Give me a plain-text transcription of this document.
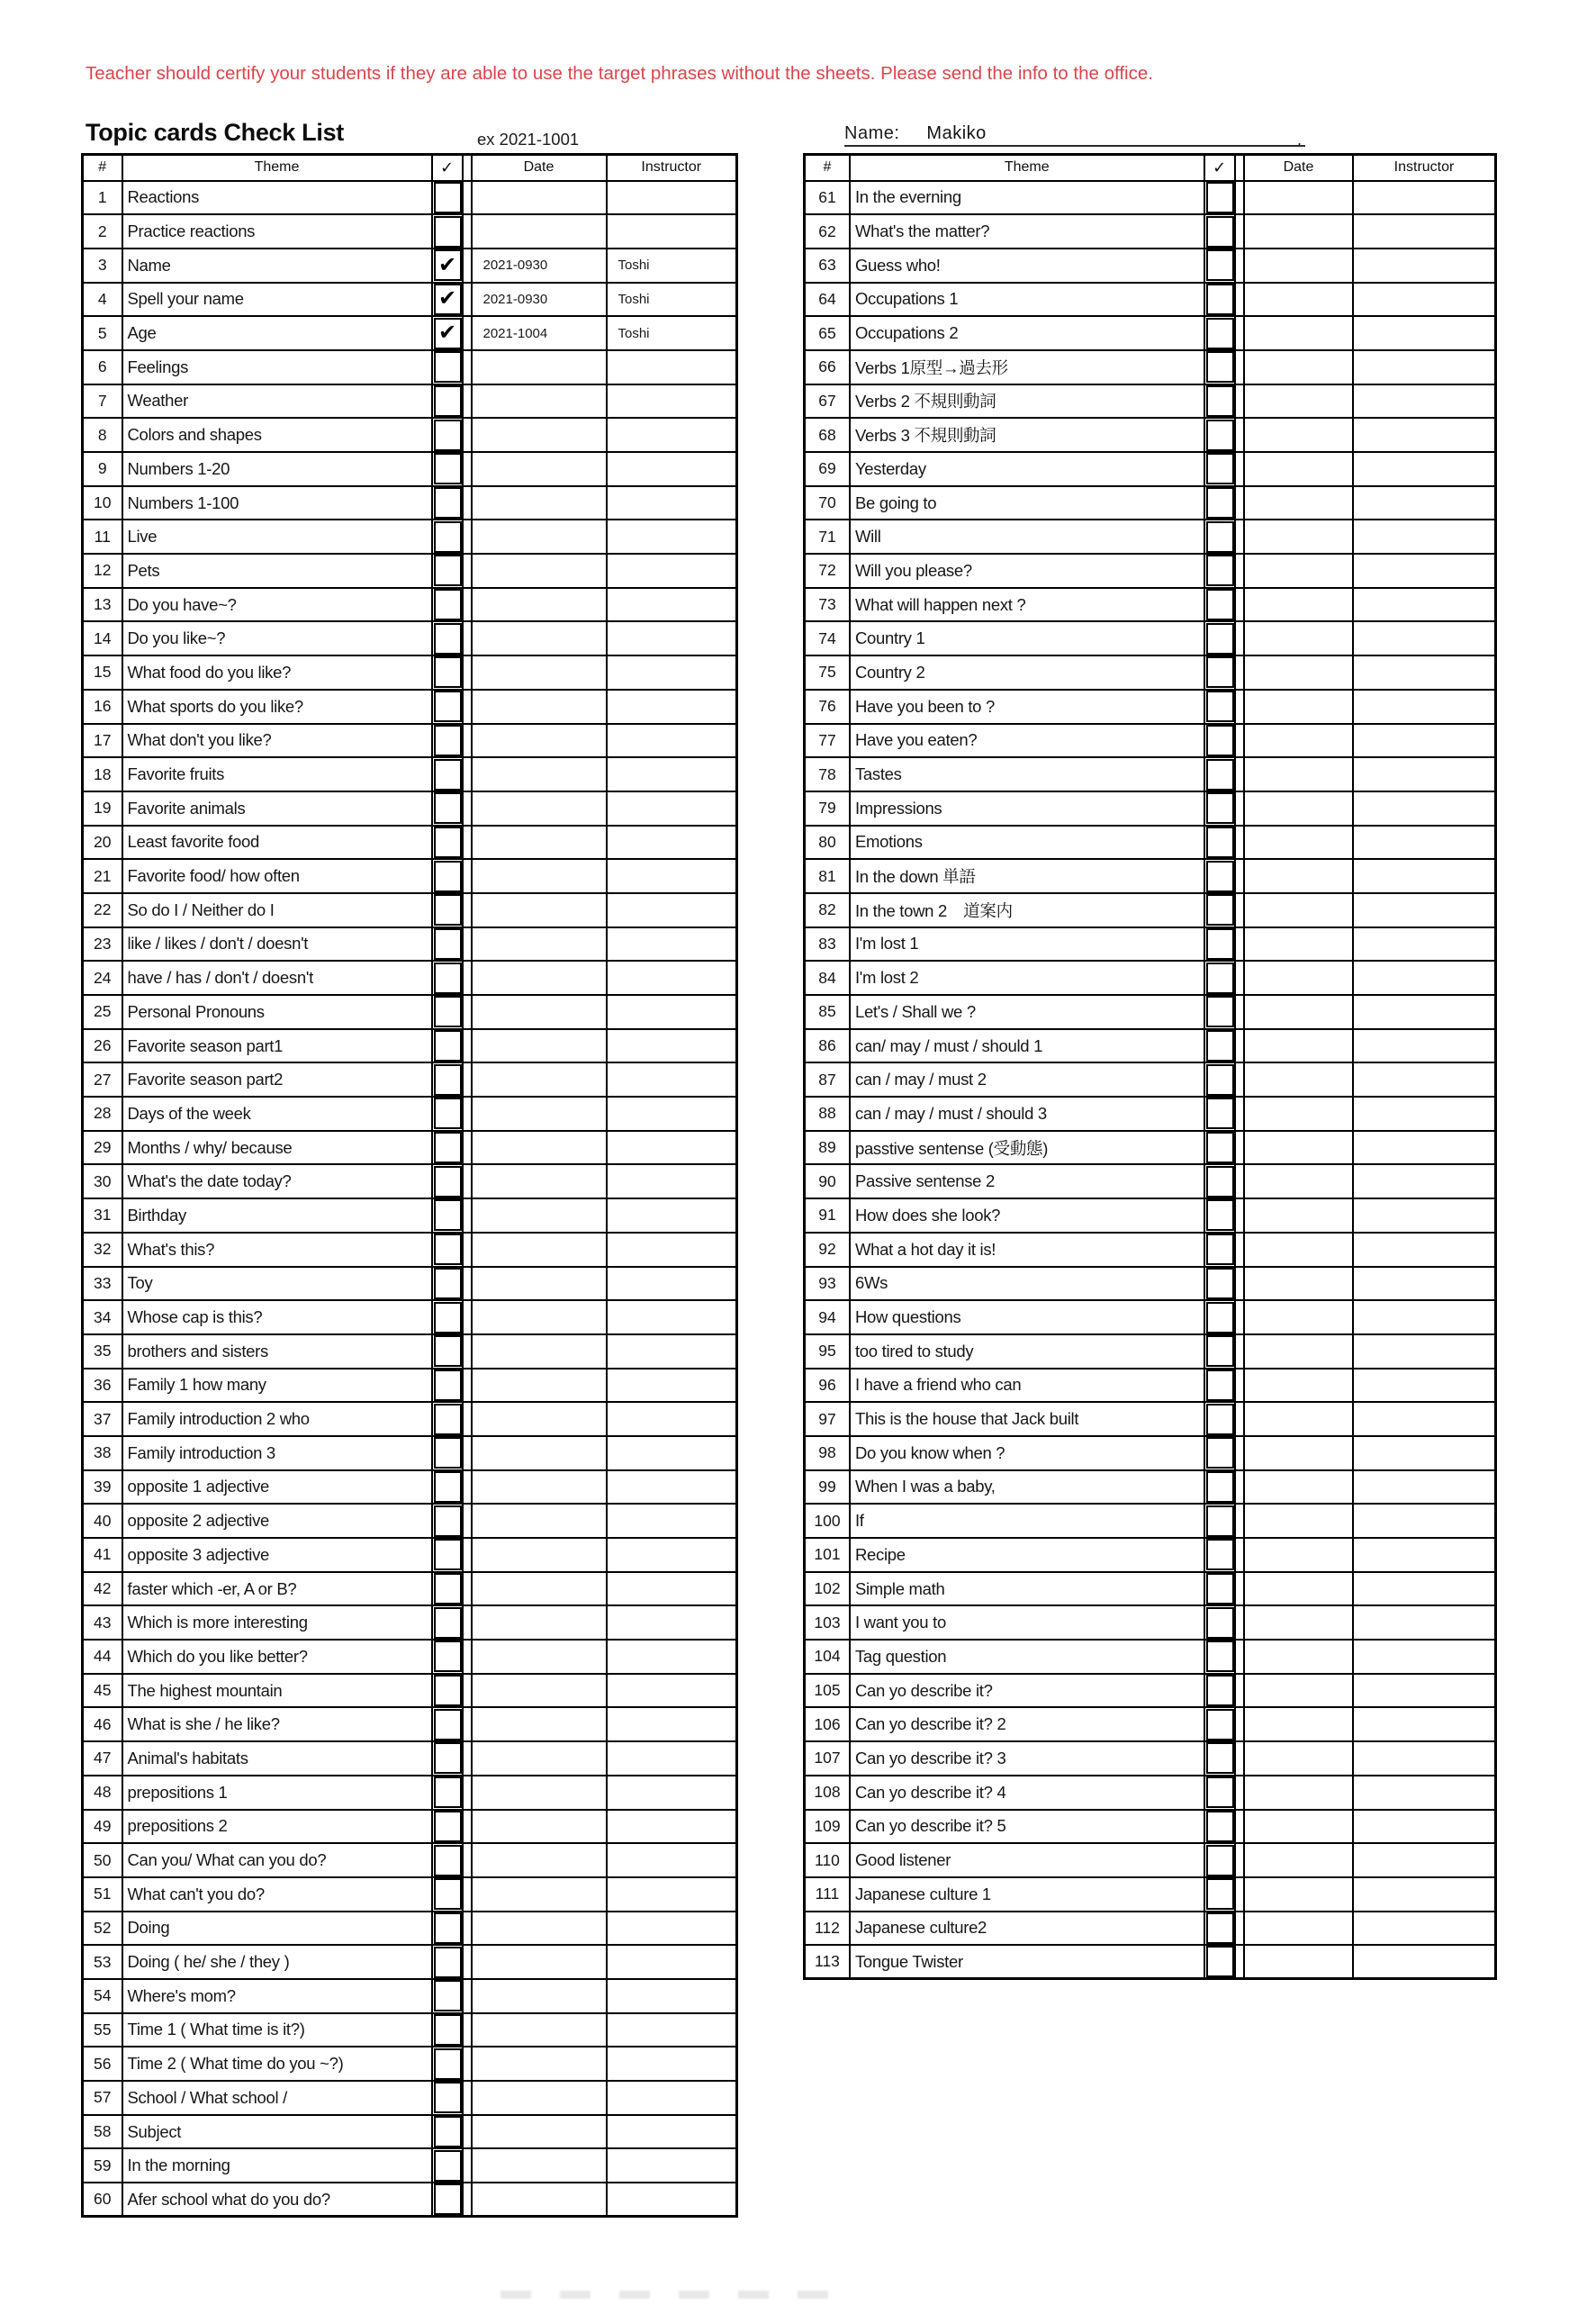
Teacher should certify your students if they are able to use the target phrases without the sheets. Please send the info to the office.
Topic cards Check List	ex 2021-1001	Name: Makiko	.
#	Theme	✓		Date	Instructor
1	Reactions	

2	Practice reactions	

3	Name	✔		2021-0930	Toshi
4	Spell your name	✔		2021-0930	Toshi
5	Age	✔		2021-1004	Toshi
6	Feelings	

7	Weather	

8	Colors and shapes	

9	Numbers 1-20	

10	Numbers 1-100	

11	Live	

12	Pets	

13	Do you have~?	

14	Do you like~?	

15	What food do you like?	

16	What sports do you like?	

17	What don't you like?	

18	Favorite fruits	

19	Favorite animals	

20	Least favorite food	

21	Favorite food/ how often	

22	So do I / Neither do I	

23	like / likes / don't / doesn't	

24	have / has / don't / doesn't	

25	Personal Pronouns	

26	Favorite season part1	

27	Favorite season part2	

28	Days of the week	

29	Months / why/ because	

30	What's the date today?	

31	Birthday	

32	What's this?	

33	Toy	

34	Whose cap is this?	

35	brothers and sisters	

36	Family 1 how many	

37	Family introduction 2 who	

38	Family introduction 3	

39	opposite 1 adjective	

40	opposite 2 adjective	

41	opposite 3 adjective	

42	faster which -er, A or B?	

43	Which is more interesting	

44	Which do you like better?	

45	The highest mountain	

46	What is she / he like?	

47	Animal's habitats	

48	prepositions 1	

49	prepositions 2	

50	Can you/ What can you do?	

51	What can't you do?	

52	Doing	

53	Doing ( he/ she / they )	

54	Where's mom?	

55	Time 1 ( What time is it?)	

56	Time 2 ( What time do you ~?)	

57	School / What school /	

58	Subject	

59	In the morning	

60	Afer school what do you do?	

#	Theme	✓		Date	Instructor
61	In the everning	

62	What's the matter?	

63	Guess who!	

64	Occupations 1	

65	Occupations 2	

66	Verbs 1原型→過去形	

67	Verbs 2 不規則動詞	

68	Verbs 3 不規則動詞	

69	Yesterday	

70	Be going to	

71	Will	

72	Will you please?	

73	What will happen next ?	

74	Country 1	

75	Country 2	

76	Have you been to ?	

77	Have you eaten?	

78	Tastes	

79	Impressions	

80	Emotions	

81	In the down 単語	

82	In the town 2　道案内	

83	I'm lost 1	

84	I'm lost 2	

85	Let's / Shall we ?	

86	can/ may / must / should 1	

87	can / may / must 2	

88	can / may / must / should 3	

89	passtive sentense (受動態)	

90	Passive sentense 2	

91	How does she look?	

92	What a hot day it is!	

93	6Ws	

94	How questions	

95	too tired to study	

96	I have a friend who can	

97	This is the house that Jack built	

98	Do you know when ?	

99	When I was a baby,	

100	If	

101	Recipe	

102	Simple math	

103	I want you to	

104	Tag question	

105	Can yo describe it?	

106	Can yo describe it? 2	

107	Can yo describe it? 3	

108	Can yo describe it? 4	

109	Can yo describe it? 5	

110	Good listener	

111	Japanese culture 1	

112	Japanese culture2	

113	Tongue Twister	
